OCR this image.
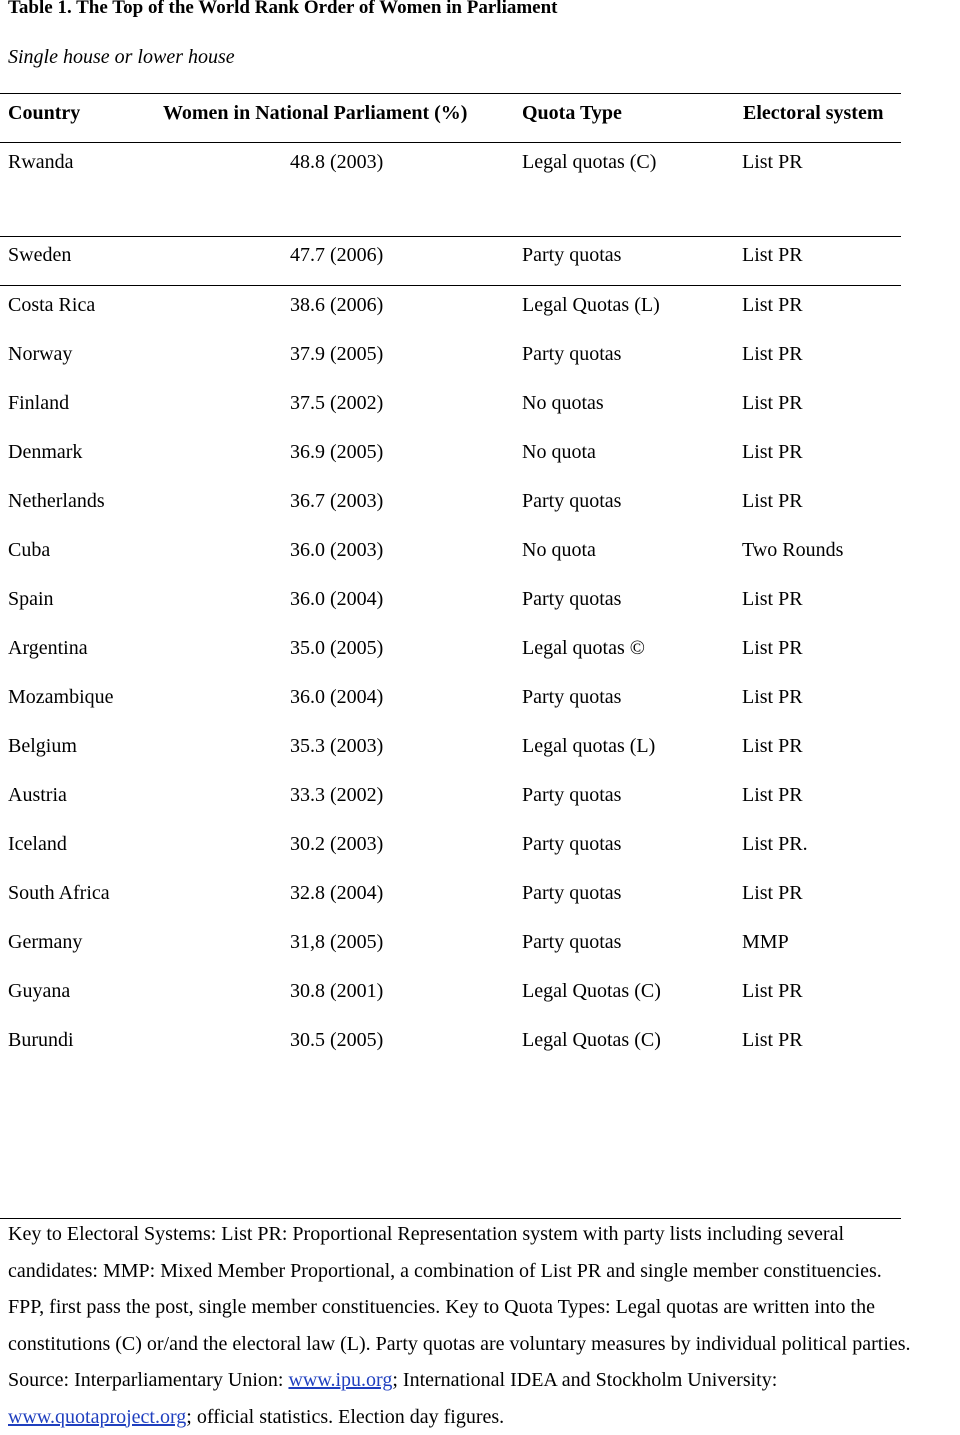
Table 1. The Top of the World Rank Order of Women in Parliament

Single house or lower house

Country	Women in National Parliament (%)	Quota Type	Electoral system
Rwanda	48.8 (2003)	Legal quotas (C)	List PR
Sweden	47.7 (2006)	Party quotas	List PR
Costa Rica	38.6 (2006)	Legal Quotas (L)	List PR
Norway	37.9 (2005)	Party quotas	List PR
Finland	37.5 (2002)	No quotas	List PR
Denmark	36.9 (2005)	No quota	List PR
Netherlands	36.7 (2003)	Party quotas	List PR
Cuba	36.0 (2003)	No quota	Two Rounds
Spain	36.0 (2004)	Party quotas	List PR
Argentina	35.0 (2005)	Legal quotas ©	List PR
Mozambique	36.0 (2004)	Party quotas	List PR
Belgium	35.3 (2003)	Legal quotas (L)	List PR
Austria	33.3 (2002)	Party quotas	List PR
Iceland	30.2 (2003)	Party quotas	List PR.
South Africa	32.8 (2004)	Party quotas	List PR
Germany	31,8 (2005)	Party quotas	MMP
Guyana	30.8 (2001)	Legal Quotas (C)	List PR
Burundi	30.5 (2005)	Legal Quotas (C)	List PR

Key to Electoral Systems: List PR: Proportional Representation system with party lists including several

candidates: MMP: Mixed Member Proportional, a combination of List PR and single member constituencies.

FPP, first pass the post, single member constituencies. Key to Quota Types: Legal quotas are written into the

constitutions (C) or/and the electoral law (L). Party quotas are voluntary measures by individual political parties.

Source: Interparliamentary Union: www.ipu.org; International IDEA and Stockholm University:

www.quotaproject.org; official statistics. Election day figures.
